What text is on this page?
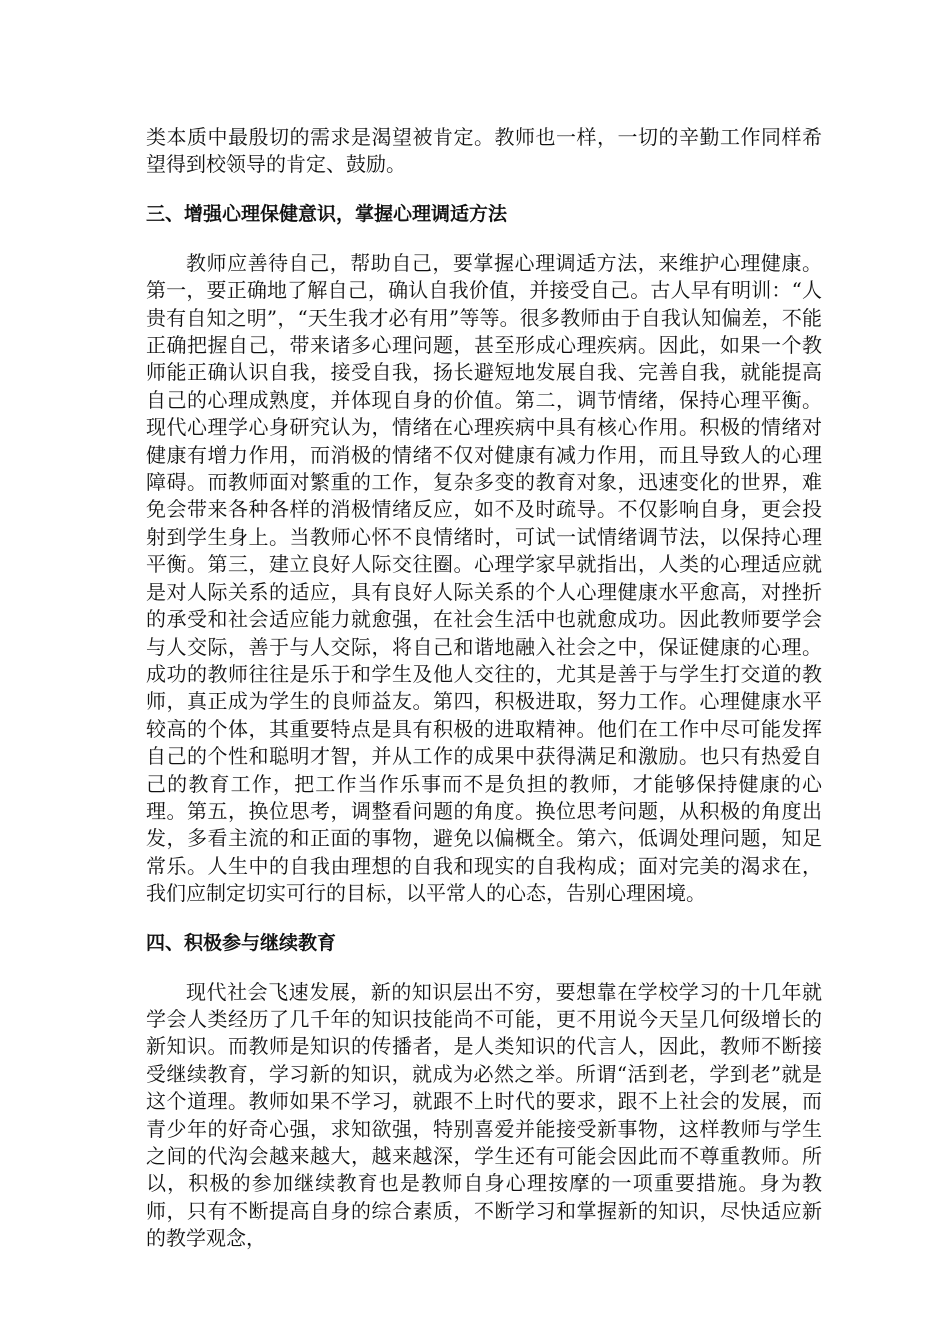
类本质中最殷切的需求是渴望被肯定。教师也一样，一切的辛勤工作同样希望得到校领导的肯定、鼓励。

三、增强心理保健意识，掌握心理调适方法

教师应善待自己，帮助自己，要掌握心理调适方法，来维护心理健康。第一，要正确地了解自己，确认自我价值，并接受自己。古人早有明训：“人贵有自知之明”，“天生我才必有用”等等。很多教师由于自我认知偏差，不能正确把握自己，带来诸多心理问题，甚至形成心理疾病。因此，如果一个教师能正确认识自我，接受自我，扬长避短地发展自我、完善自我，就能提高自己的心理成熟度，并体现自身的价值。第二，调节情绪，保持心理平衡。现代心理学心身研究认为，情绪在心理疾病中具有核心作用。积极的情绪对健康有增力作用，而消极的情绪不仅对健康有减力作用，而且导致人的心理障碍。而教师面对繁重的工作，复杂多变的教育对象，迅速变化的世界，难免会带来各种各样的消极情绪反应，如不及时疏导。不仅影响自身，更会投射到学生身上。当教师心怀不良情绪时，可试一试情绪调节法，以保持心理平衡。第三，建立良好人际交往圈。心理学家早就指出，人类的心理适应就是对人际关系的适应，具有良好人际关系的个人心理健康水平愈高，对挫折的承受和社会适应能力就愈强，在社会生活中也就愈成功。因此教师要学会与人交际，善于与人交际，将自己和谐地融入社会之中，保证健康的心理。成功的教师往往是乐于和学生及他人交往的，尤其是善于与学生打交道的教师，真正成为学生的良师益友。第四，积极进取，努力工作。心理健康水平较高的个体，其重要特点是具有积极的进取精神。他们在工作中尽可能发挥自己的个性和聪明才智，并从工作的成果中获得满足和激励。也只有热爱自己的教育工作，把工作当作乐事而不是负担的教师，才能够保持健康的心理。第五，换位思考，调整看问题的角度。换位思考问题，从积极的角度出发，多看主流的和正面的事物，避免以偏概全。第六，低调处理问题，知足常乐。人生中的自我由理想的自我和现实的自我构成；面对完美的渴求在，我们应制定切实可行的目标，以平常人的心态，告别心理困境。

四、积极参与继续教育

现代社会飞速发展，新的知识层出不穷，要想靠在学校学习的十几年就学会人类经历了几千年的知识技能尚不可能，更不用说今天呈几何级增长的新知识。而教师是知识的传播者，是人类知识的代言人，因此，教师不断接受继续教育，学习新的知识，就成为必然之举。所谓“活到老，学到老”就是这个道理。教师如果不学习，就跟不上时代的要求，跟不上社会的发展，而青少年的好奇心强，求知欲强，特别喜爱并能接受新事物，这样教师与学生之间的代沟会越来越大，越来越深，学生还有可能会因此而不尊重教师。所以，积极的参加继续教育也是教师自身心理按摩的一项重要措施。身为教师，只有不断提高自身的综合素质，不断学习和掌握新的知识，尽快适应新的教学观念，
